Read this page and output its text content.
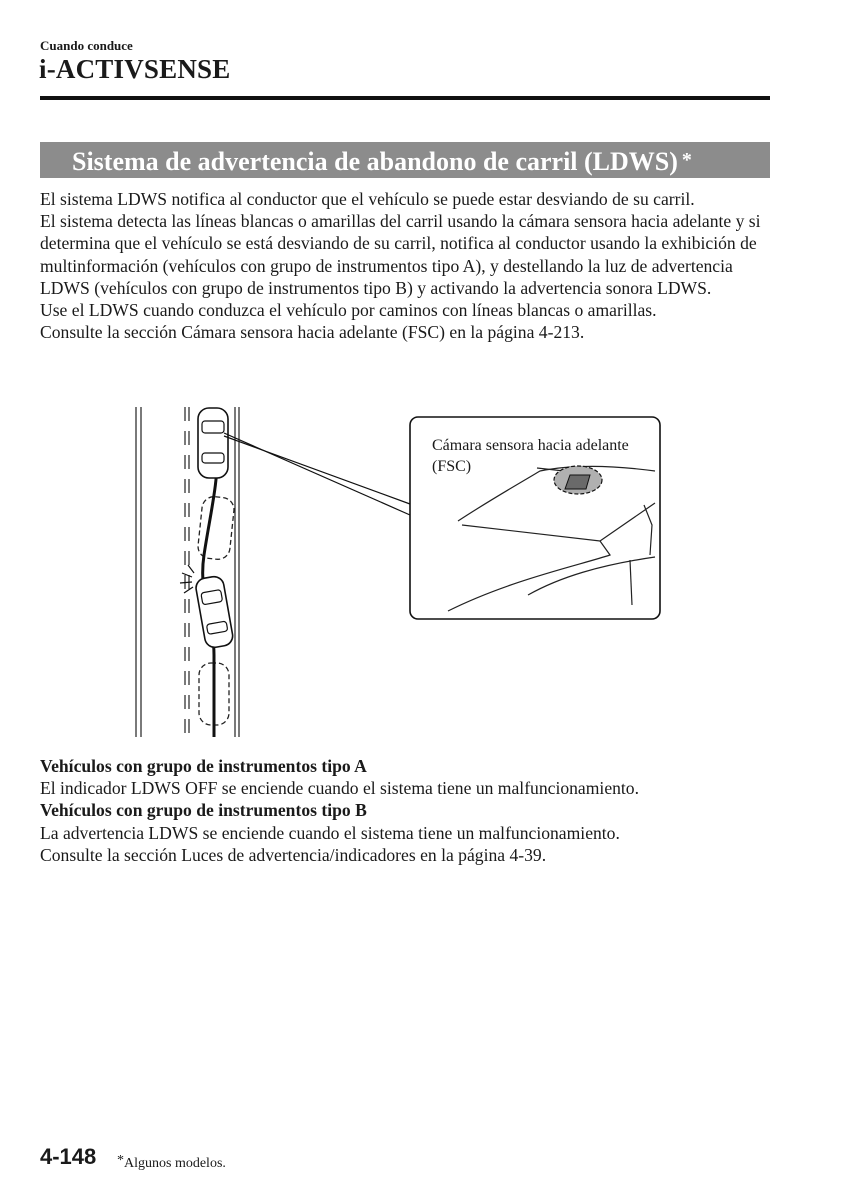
Cuando conduce
i-ACTIVSENSE
Sistema de advertencia de abandono de carril (LDWS) *

El sistema LDWS notifica al conductor que el vehículo se puede estar desviando de su carril.

El sistema detecta las líneas blancas o amarillas del carril usando la cámara sensora hacia adelante y si determina que el vehículo se está desviando de su carril, notifica al conductor usando la exhibición de multinformación (vehículos con grupo de instrumentos tipo A), y destellando la luz de advertencia LDWS (vehículos con grupo de instrumentos tipo B) y activando la advertencia sonora LDWS.

Use el LDWS cuando conduzca el vehículo por caminos con líneas blancas o amarillas.

Consulte la sección Cámara sensora hacia adelante (FSC) en la página 4-213.

Cámara sensora hacia adelante
(FSC)

Vehículos con grupo de instrumentos tipo A

El indicador LDWS OFF se enciende cuando el sistema tiene un malfuncionamiento.

Vehículos con grupo de instrumentos tipo B

La advertencia LDWS se enciende cuando el sistema tiene un malfuncionamiento.

Consulte la sección Luces de advertencia/indicadores en la página 4-39.

4-148 *Algunos modelos.
